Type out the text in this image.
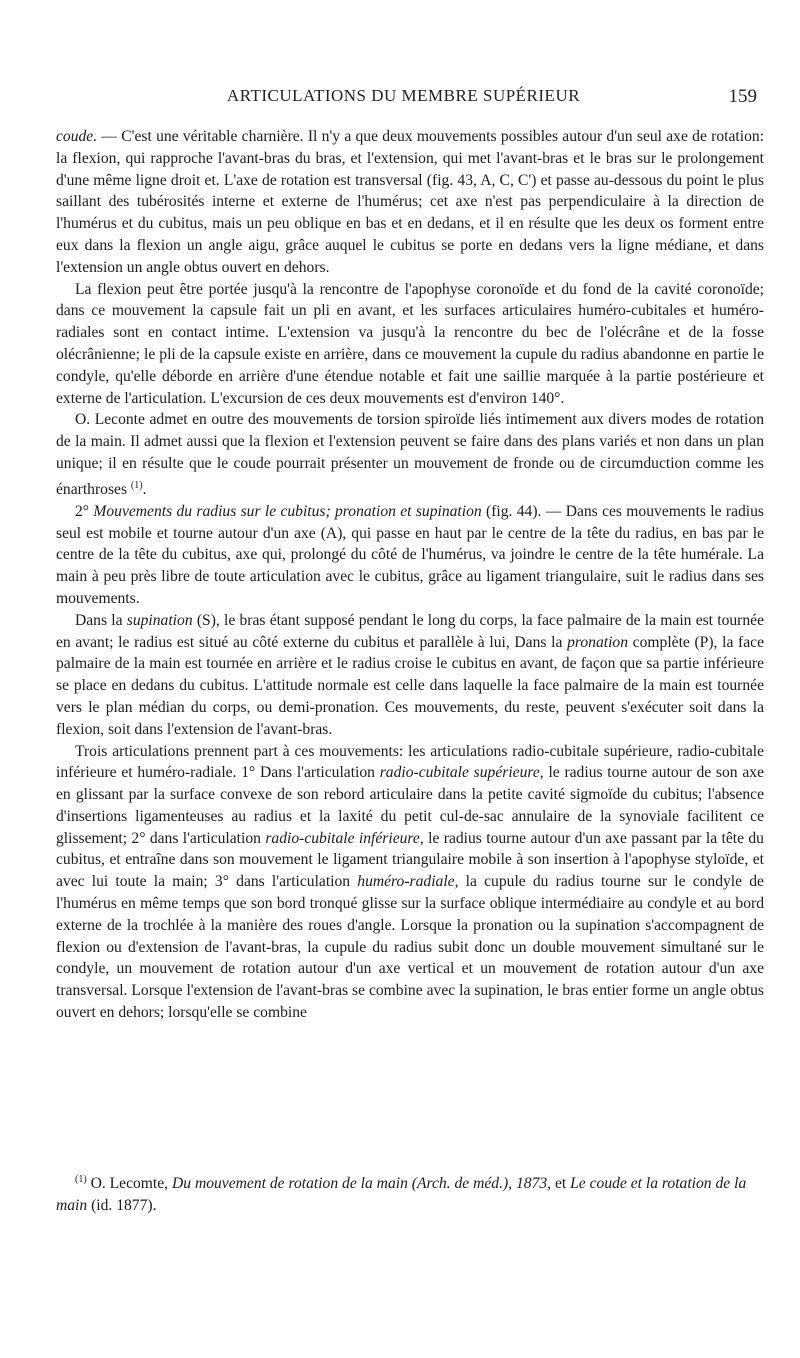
ARTICULATIONS DU MEMBRE SUPÉRIEUR	159

coude. — C'est une véritable charnière. Il n'y a que deux mouvements possibles autour d'un seul axe de rotation: la flexion, qui rapproche l'avant-bras du bras, et l'extension, qui met l'avant-bras et le bras sur le prolongement d'une même ligne droit et. L'axe de rotation est transversal (fig. 43, A, C, C') et passe au-dessous du point le plus saillant des tubérosités interne et externe de l'humérus; cet axe n'est pas perpendiculaire à la direction de l'humérus et du cubitus, mais un peu oblique en bas et en dedans, et il en résulte que les deux os forment entre eux dans la flexion un angle aigu, grâce auquel le cubitus se porte en dedans vers la ligne médiane, et dans l'extension un angle obtus ouvert en dehors.

La flexion peut être portée jusqu'à la rencontre de l'apophyse coronoïde et du fond de la cavité coronoïde; dans ce mouvement la capsule fait un pli en avant, et les surfaces articulaires huméro-cubitales et huméro-radiales sont en contact intime. L'extension va jusqu'à la rencontre du bec de l'olécrâne et de la fosse olécrânienne; le pli de la capsule existe en arrière, dans ce mouvement la cupule du radius abandonne en partie le condyle, qu'elle déborde en arrière d'une étendue notable et fait une saillie marquée à la partie postérieure et externe de l'articulation. L'excursion de ces deux mouvements est d'environ 140°.

O. Leconte admet en outre des mouvements de torsion spiroïde liés intimement aux divers modes de rotation de la main. Il admet aussi que la flexion et l'extension peuvent se faire dans des plans variés et non dans un plan unique; il en résulte que le coude pourrait présenter un mouvement de fronde ou de circumduction comme les énarthroses $^{(1)}$.

2° Mouvements du radius sur le cubitus; pronation et supination (fig. 44). — Dans ces mouvements le radius seul est mobile et tourne autour d'un axe (A), qui passe en haut par le centre de la tête du radius, en bas par le centre de la tête du cubitus, axe qui, prolongé du côté de l'humérus, va joindre le centre de la tête humérale. La main à peu près libre de toute articulation avec le cubitus, grâce au ligament triangulaire, suit le radius dans ses mouvements.

Dans la supination (S), le bras étant supposé pendant le long du corps, la face palmaire de la main est tournée en avant; le radius est situé au côté externe du cubitus et parallèle à lui, Dans la pronation complète (P), la face palmaire de la main est tournée en arrière et le radius croise le cubitus en avant, de façon que sa partie inférieure se place en dedans du cubitus. L'attitude normale est celle dans laquelle la face palmaire de la main est tournée vers le plan médian du corps, ou demi-pronation. Ces mouvements, du reste, peuvent s'exécuter soit dans la flexion, soit dans l'extension de l'avant-bras.

Trois articulations prennent part à ces mouvements: les articulations radio-cubitale supérieure, radio-cubitale inférieure et huméro-radiale. 1° Dans l'articulation radio-cubitale supérieure, le radius tourne autour de son axe en glissant par la surface convexe de son rebord articulaire dans la petite cavité sigmoïde du cubitus; l'absence d'insertions ligamenteuses au radius et la laxité du petit cul-de-sac annulaire de la synoviale facilitent ce glissement; 2° dans l'articulation radio-cubitale inférieure, le radius tourne autour d'un axe passant par la tête du cubitus, et entraîne dans son mouvement le ligament triangulaire mobile à son insertion à l'apophyse styloïde, et avec lui toute la main; 3° dans l'articulation huméro-radiale, la cupule du radius tourne sur le condyle de l'humérus en même temps que son bord tronqué glisse sur la surface oblique intermédiaire au condyle et au bord externe de la trochlée à la manière des roues d'angle. Lorsque la pronation ou la supination s'accompagnent de flexion ou d'extension de l'avant-bras, la cupule du radius subit donc un double mouvement simultané sur le condyle, un mouvement de rotation autour d'un axe vertical et un mouvement de rotation autour d'un axe transversal. Lorsque l'extension de l'avant-bras se combine avec la supination, le bras entier forme un angle obtus ouvert en dehors; lorsqu'elle se combine

$^{(1)}$ O. Lecomte, Du mouvement de rotation de la main (Arch. de méd.), 1873, et Le coude et la rotation de la main (id. 1877).
